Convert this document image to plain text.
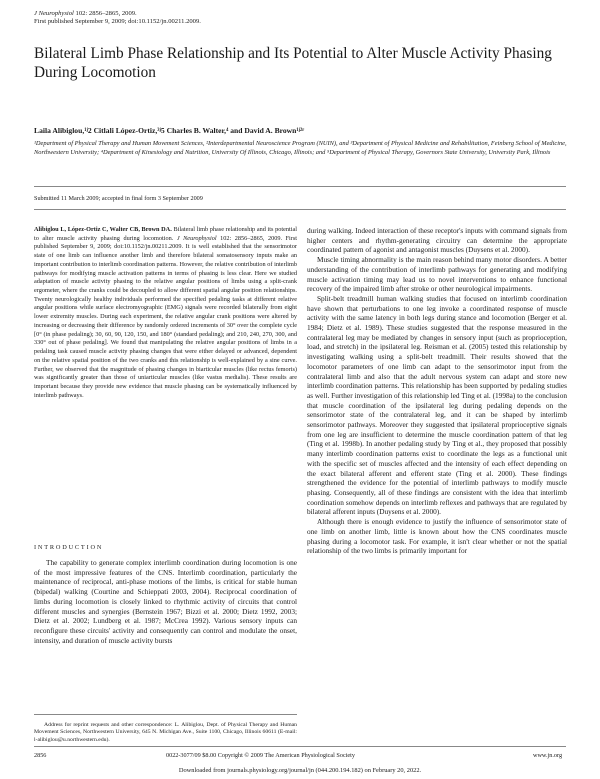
J Neurophysiol 102: 2856–2865, 2009.
First published September 9, 2009; doi:10.1152/jn.00211.2009.
Bilateral Limb Phase Relationship and Its Potential to Alter Muscle Activity Phasing During Locomotion
Laila Alibiglou,¹ʲ2 Citlali López-Ortiz,³ʲ5 Charles B. Walter,⁴ and David A. Brown¹ʲ²ʳ
¹Department of Physical Therapy and Human Movement Sciences, ²Interdepartmental Neuroscience Program (NUIN), and ³Department of Physical Medicine and Rehabilitation, Feinberg School of Medicine, Northwestern University; ⁴Department of Kinesiology and Nutrition, University Of Illinois, Chicago, Illinois; and ⁵Department of Physical Therapy, Governors State University, University Park, Illinois
Submitted 11 March 2009; accepted in final form 3 September 2009
Alibiglou L, López-Ortiz C, Walter CB, Brown DA. Bilateral limb phase relationship and its potential to alter muscle activity phasing during locomotion. J Neurophysiol 102: 2856–2865, 2009. First published September 9, 2009; doi:10.1152/jn.00211.2009. It is well established that the sensorimotor state of one limb can influence another limb and therefore bilateral somatosensory inputs make an important contribution to interlimb coordination patterns. However, the relative contribution of interlimb pathways for modifying muscle activation patterns in terms of phasing is less clear. Here we studied adaptation of muscle activity phasing to the relative angular positions of limbs using a split-crank ergometer, where the cranks could be decoupled to allow different spatial angular position relationships. Twenty neurologically healthy individuals performed the specified pedaling tasks at different relative angular positions while surface electromyographic (EMG) signals were recorded bilaterally from eight lower extremity muscles. During each experiment, the relative angular crank positions were altered by increasing or decreasing their difference by randomly ordered increments of 30° over the complete cycle [0° (in phase pedaling); 30, 60, 90, 120, 150, and 180° (standard pedaling); and 210, 240, 270, 300, and 330° out of phase pedaling]. We found that manipulating the relative angular positions of limbs in a pedaling task caused muscle activity phasing changes that were either delayed or advanced, dependent on the relative spatial position of the two cranks and this relationship is well-explained by a sine curve. Further, we observed that the magnitude of phasing changes in biarticular muscles (like rectus femoris) was significantly greater than those of uniarticular muscles (like vastus medialis). These results are important because they provide new evidence that muscle phasing can be systematically influenced by interlimb pathways.
INTRODUCTION

The capability to generate complex interlimb coordination during locomotion is one of the most impressive features of the CNS. Interlimb coordination, particularly the maintenance of reciprocal, anti-phase motions of the limbs, is critical for stable human (bipedal) walking (Courtine and Schieppati 2003, 2004). Reciprocal coordination of limbs during locomotion is closely linked to rhythmic activity of circuits that control different muscles and synergies (Bernstein 1967; Bizzi et al. 2000; Dietz 1992, 2003; Dietz et al. 2002; Lundberg et al. 1987; McCrea 1992). Various sensory inputs can reconfigure these circuits' activity and consequently can control and modulate the onset, intensity, and duration of muscle activity bursts

Address for reprint requests and other correspondence: L. Alibiglou, Dept. of Physical Therapy and Human Movement Sciences, Northwestern University, 645 N. Michigan Ave., Suite 1100, Chicago, Illinois 60611 (E-mail: l-alibiglou@u.northwestern.edu).

during walking. Indeed interaction of these receptor's inputs with command signals from higher centers and rhythm-generating circuitry can determine the appropriate coordinated pattern of agonist and antagonist muscles (Duysens et al. 2000).

Muscle timing abnormality is the main reason behind many motor disorders. A better understanding of the contribution of interlimb pathways for generating and modifying muscle activation timing may lead us to novel interventions to enhance functional recovery of the impaired limb after stroke or other neurological impairments.

Split-belt treadmill human walking studies that focused on interlimb coordination have shown that perturbations to one leg invoke a coordinated response of muscle activity with the same latency in both legs during stance and locomotion (Berger et al. 1984; Dietz et al. 1989). These studies suggested that the response measured in the contralateral leg may be mediated by changes in sensory input (such as proprioception, load, and stretch) in the ipsilateral leg. Reisman et al. (2005) tested this relationship by investigating walking using a split-belt treadmill. Their results showed that the locomotor parameters of one limb can adapt to the sensorimotor input from the contralateral limb and also that the adult nervous system can adapt and store new interlimb coordination patterns. This relationship has been supported by pedaling studies as well. Further investigation of this relationship led Ting et al. (1998a) to the conclusion that muscle coordination of the ipsilateral leg during pedaling depends on the sensorimotor state of the contralateral leg, and it can be shaped by interlimb sensorimotor pathways. Moreover they suggested that ipsilateral proprioceptive signals from one leg are insufficient to determine the muscle coordination pattern of that leg (Ting et al. 1998b). In another pedaling study by Ting et al., they proposed that possibly many interlimb coordination patterns exist to coordinate the legs as a functional unit with the specific set of muscles affected and the intensity of each effect depending on the exact bilateral afferent and efferent state (Ting et al. 2000). These findings strengthened the evidence for the potential of interlimb pathways to modify muscle phasing. Consequently, all of these findings are consistent with the idea that interlimb coordination somehow depends on interlimb reflexes and pathways that are regulated by bilateral afferent inputs (Duysens et al. 2000).

Although there is enough evidence to justify the influence of sensorimotor state of one limb on another limb, little is known about how the CNS coordinates muscle phasing during a locomotor task. For example, it isn't clear whether or not the spatial relationship of the two limbs is primarily important for

2856	0022-3077/09 $8.00 Copyright © 2009 The American Physiological Society	www.jn.org
Downloaded from journals.physiology.org/journal/jn (044.200.194.182) on February 20, 2022.
